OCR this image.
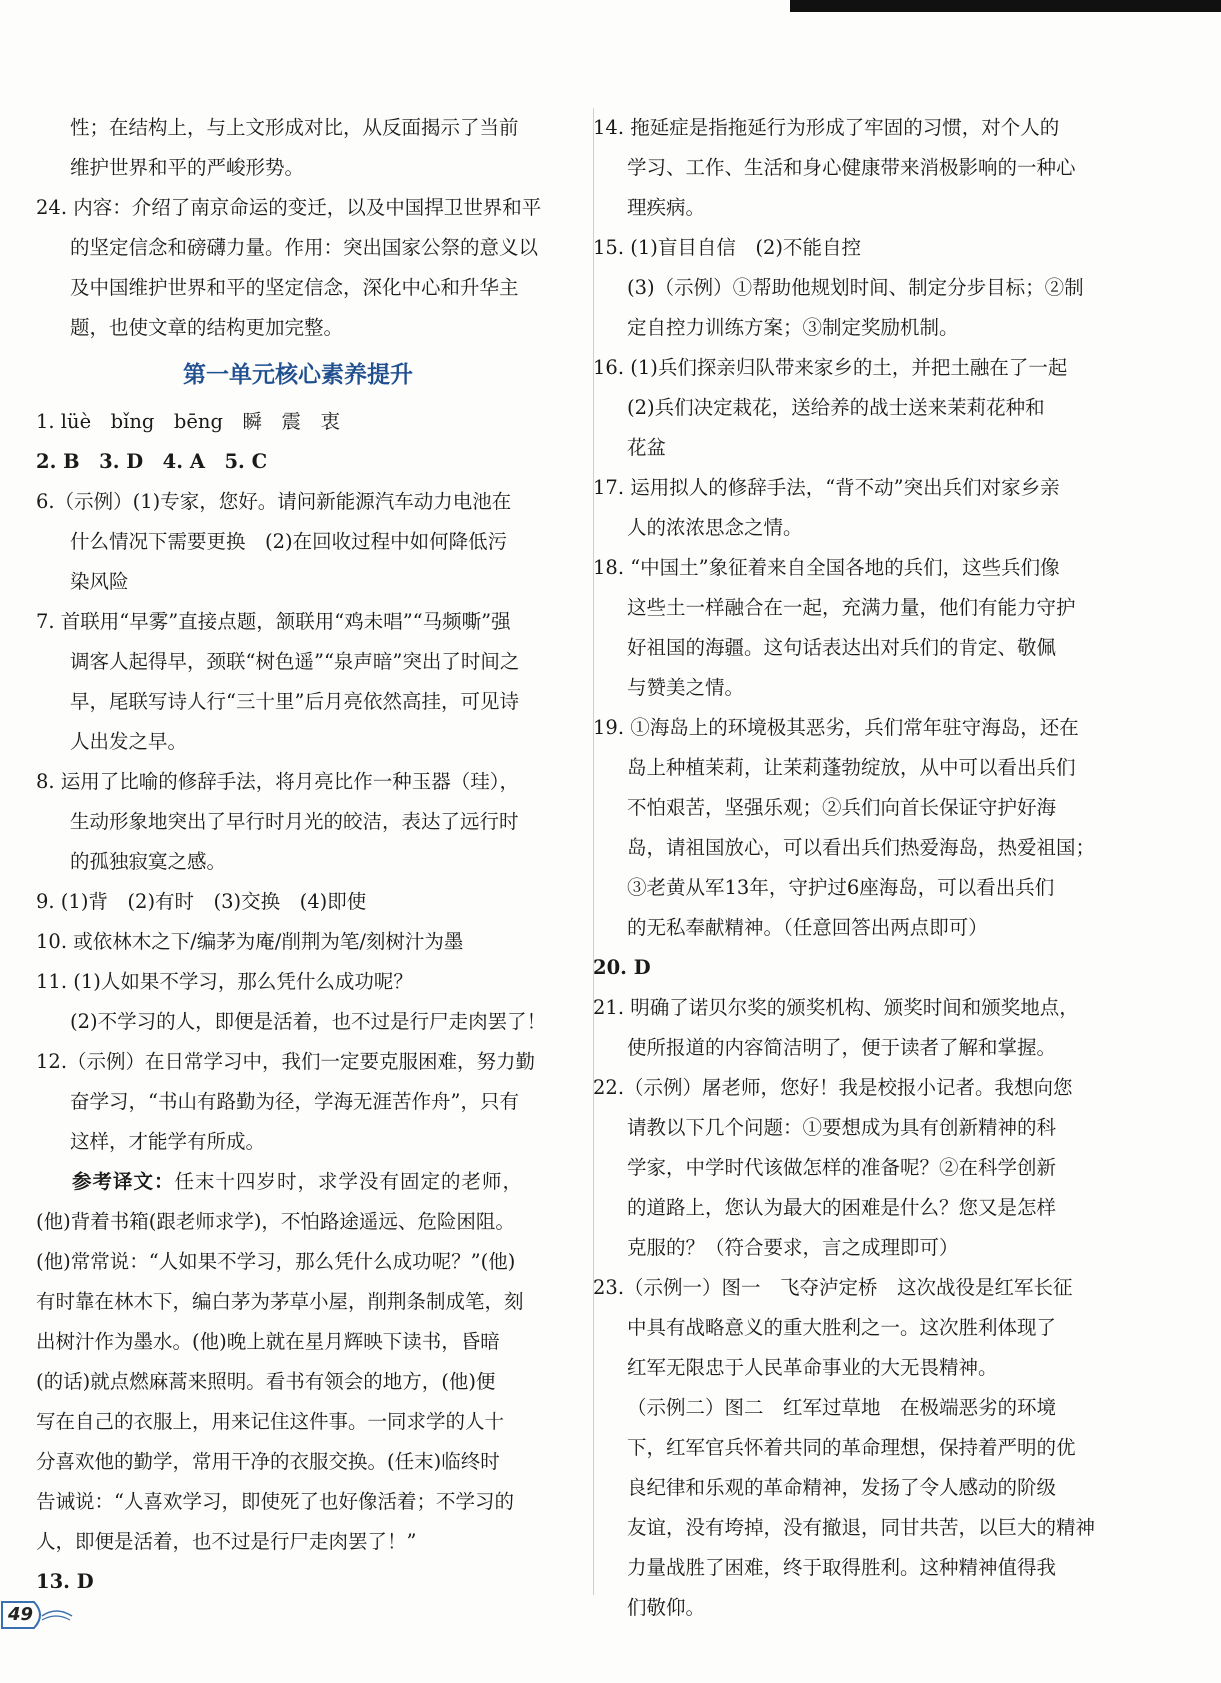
性；在结构上，与上文形成对比，从反面揭示了当前
维护世界和平的严峻形势。
24. 内容：介绍了南京命运的变迁，以及中国捍卫世界和平
的坚定信念和磅礴力量。作用：突出国家公祭的意义以
及中国维护世界和平的坚定信念，深化中心和升华主
题，也使文章的结构更加完整。
第一单元核心素养提升
1. lüè　bǐng　bēng　瞬　震　衷
2. B　3. D　4. A　5. C
6.（示例）(1)专家，您好。请问新能源汽车动力电池在
什么情况下需要更换　(2)在回收过程中如何降低污
染风险
7. 首联用“早雾”直接点题，颔联用“鸡未唱”“马频嘶”强
调客人起得早，颈联“树色遥”“泉声暗”突出了时间之
早，尾联写诗人行“三十里”后月亮依然高挂，可见诗
人出发之早。
8. 运用了比喻的修辞手法，将月亮比作一种玉器（珪），
生动形象地突出了早行时月光的皎洁，表达了远行时
的孤独寂寞之感。
9. (1)背　(2)有时　(3)交换　(4)即使
10. 或依林木之下/编茅为庵/削荆为笔/刻树汁为墨
11. (1)人如果不学习，那么凭什么成功呢？
(2)不学习的人，即便是活着，也不过是行尸走肉罢了！
12.（示例）在日常学习中，我们一定要克服困难，努力勤
奋学习，“书山有路勤为径，学海无涯苦作舟”，只有
这样，才能学有所成。
参考译文：任末十四岁时，求学没有固定的老师，
(他)背着书箱(跟老师求学)，不怕路途遥远、危险困阻。
(他)常常说：“人如果不学习，那么凭什么成功呢？”(他)
有时靠在林木下，编白茅为茅草小屋，削荆条制成笔，刻
出树汁作为墨水。(他)晚上就在星月辉映下读书，昏暗
(的话)就点燃麻蒿来照明。看书有领会的地方，(他)便
写在自己的衣服上，用来记住这件事。一同求学的人十
分喜欢他的勤学，常用干净的衣服交换。(任末)临终时
告诫说：“人喜欢学习，即使死了也好像活着；不学习的
人，即便是活着，也不过是行尸走肉罢了！”
13. D
14. 拖延症是指拖延行为形成了牢固的习惯，对个人的
学习、工作、生活和身心健康带来消极影响的一种心
理疾病。
15. (1)盲目自信　(2)不能自控
(3)（示例）①帮助他规划时间、制定分步目标；②制
定自控力训练方案；③制定奖励机制。
16. (1)兵们探亲归队带来家乡的土，并把土融在了一起
(2)兵们决定栽花，送给养的战士送来茉莉花种和
花盆
17. 运用拟人的修辞手法，“背不动”突出兵们对家乡亲
人的浓浓思念之情。
18. “中国土”象征着来自全国各地的兵们，这些兵们像
这些土一样融合在一起，充满力量，他们有能力守护
好祖国的海疆。这句话表达出对兵们的肯定、敬佩
与赞美之情。
19. ①海岛上的环境极其恶劣，兵们常年驻守海岛，还在
岛上种植茉莉，让茉莉蓬勃绽放，从中可以看出兵们
不怕艰苦，坚强乐观；②兵们向首长保证守护好海
岛，请祖国放心，可以看出兵们热爱海岛，热爱祖国；
③老黄从军13年，守护过6座海岛，可以看出兵们
的无私奉献精神。（任意回答出两点即可）
20. D
21. 明确了诺贝尔奖的颁奖机构、颁奖时间和颁奖地点，
使所报道的内容简洁明了，便于读者了解和掌握。
22.（示例）屠老师，您好！我是校报小记者。我想向您
请教以下几个问题：①要想成为具有创新精神的科
学家，中学时代该做怎样的准备呢？②在科学创新
的道路上，您认为最大的困难是什么？您又是怎样
克服的？（符合要求，言之成理即可）
23.（示例一）图一　飞夺泸定桥　这次战役是红军长征
中具有战略意义的重大胜利之一。这次胜利体现了
红军无限忠于人民革命事业的大无畏精神。
（示例二）图二　红军过草地　在极端恶劣的环境
下，红军官兵怀着共同的革命理想，保持着严明的优
良纪律和乐观的革命精神，发扬了令人感动的阶级
友谊，没有垮掉，没有撤退，同甘共苦，以巨大的精神
力量战胜了困难，终于取得胜利。这种精神值得我
们敬仰。
49
